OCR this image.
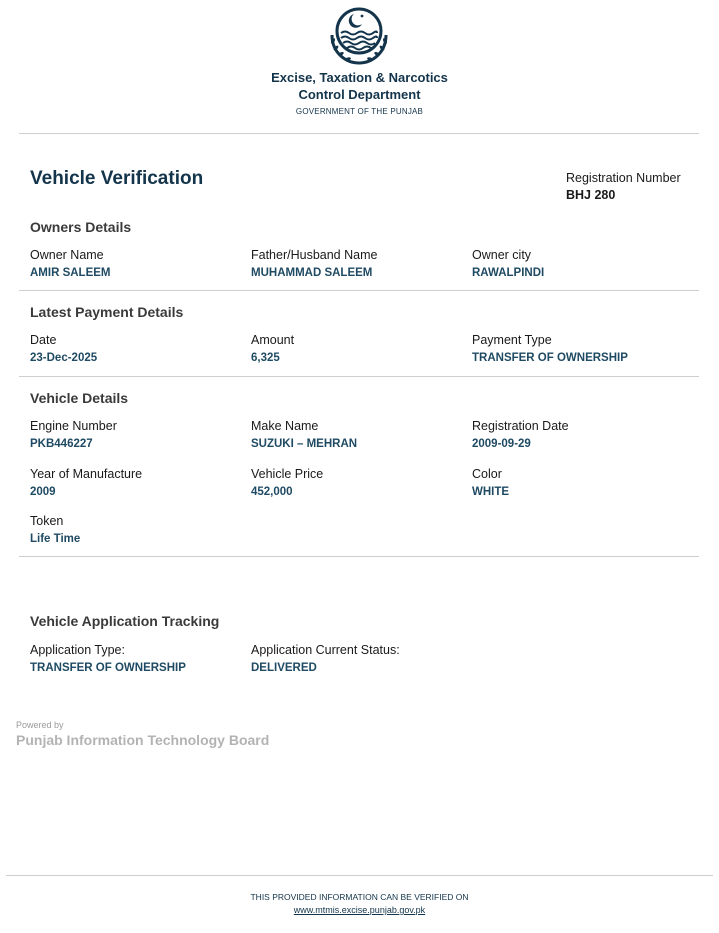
Excise, Taxation & Narcotics
Control Department
GOVERNMENT OF THE PUNJAB
Vehicle Verification	Registration Number
BHJ 280
Owners Details
Owner Name
AMIR SALEEM
Father/Husband Name
MUHAMMAD SALEEM
Owner city
RAWALPINDI
Latest Payment Details
Date
23-Dec-2025
Amount
6,325
Payment Type
TRANSFER OF OWNERSHIP
Vehicle Details
Engine Number
PKB446227
Make Name
SUZUKI – MEHRAN
Registration Date
2009-09-29
Year of Manufacture
2009
Vehicle Price
452,000
Color
WHITE
Token
Life Time
Vehicle Application Tracking
Application Type:
TRANSFER OF OWNERSHIP
Application Current Status:
DELIVERED
Powered by
Punjab Information Technology Board
THIS PROVIDED INFORMATION CAN BE VERIFIED ON
www.mtmis.excise.punjab.gov.pk
